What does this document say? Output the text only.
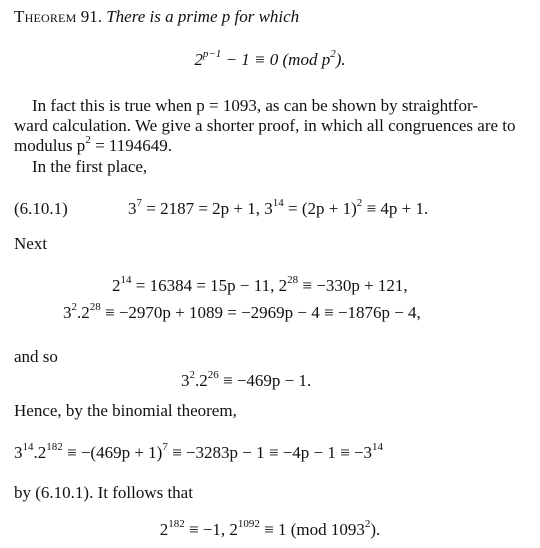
Theorem 91. There is a prime p for which
$2^{p-1} - 1 \equiv 0$ (mod $p^2$).
In fact this is true when p = 1093, as can be shown by straightfor-
ward calculation. We give a shorter proof, in which all congruences are to
modulus $p^2 = 1194649$.
In the first place,
(6.10.1)	$3^7 = 2187 = 2p + 1$, $3^{14} = (2p + 1)^2 \equiv 4p + 1$.
Next
$2^{14} = 16384 = 15p - 11$, $2^{28} \equiv -330p + 121$,
$3^2.2^{28} \equiv -2970p + 1089 = -2969p - 4 \equiv -1876p - 4$,
and so
$3^2.2^{26} \equiv -469p - 1$.
Hence, by the binomial theorem,
$3^{14}.2^{182} \equiv -(469p + 1)^7 \equiv -3283p - 1 \equiv -4p - 1 \equiv -3^{14}$
by (6.10.1). It follows that
$2^{182} \equiv -1$, $2^{1092} \equiv 1$ (mod 1093$^2$).
